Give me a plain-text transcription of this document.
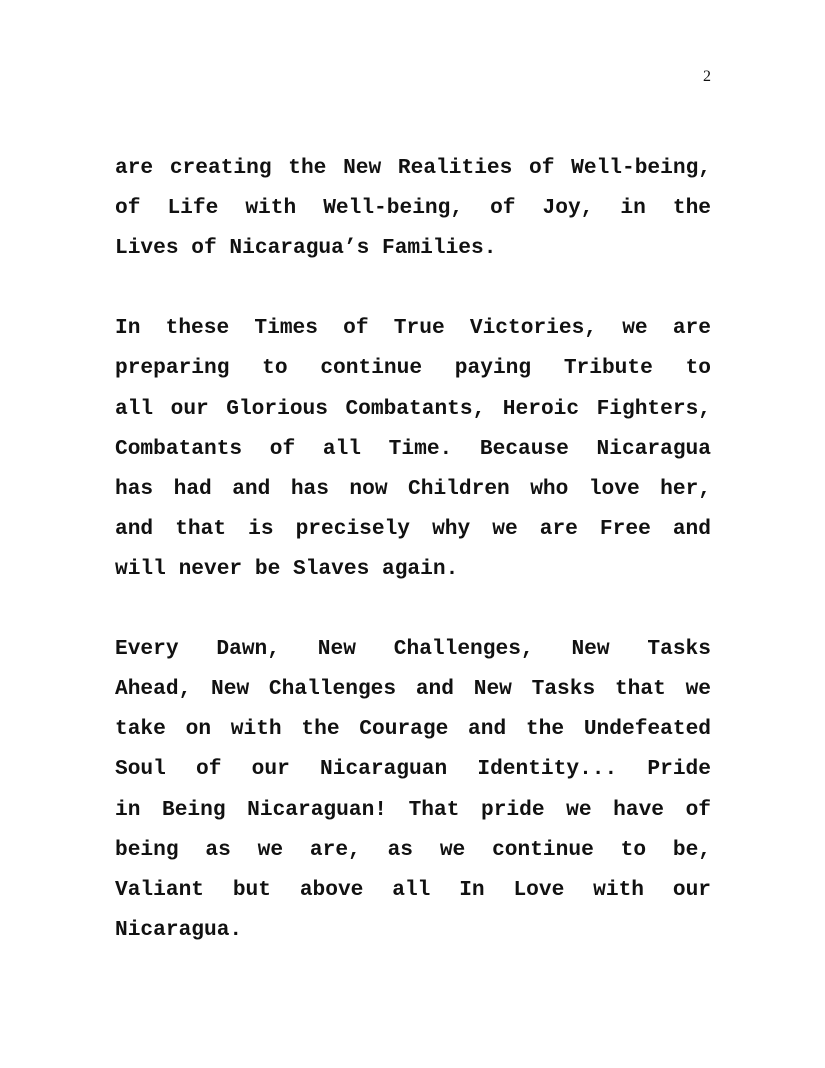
2

are creating the New Realities of Well-being,
of Life with Well-being, of Joy, in the
Lives of Nicaragua’s Families.

In these Times of True Victories, we are
preparing to continue paying Tribute to
all our Glorious Combatants, Heroic Fighters,
Combatants of all Time. Because Nicaragua
has had and has now Children who love her,
and that is precisely why we are Free and
will never be Slaves again.

Every Dawn, New Challenges, New Tasks
Ahead, New Challenges and New Tasks that we
take on with the Courage and the Undefeated
Soul of our Nicaraguan Identity... Pride
in Being Nicaraguan! That pride we have of
being as we are, as we continue to be,
Valiant but above all In Love with our
Nicaragua.
